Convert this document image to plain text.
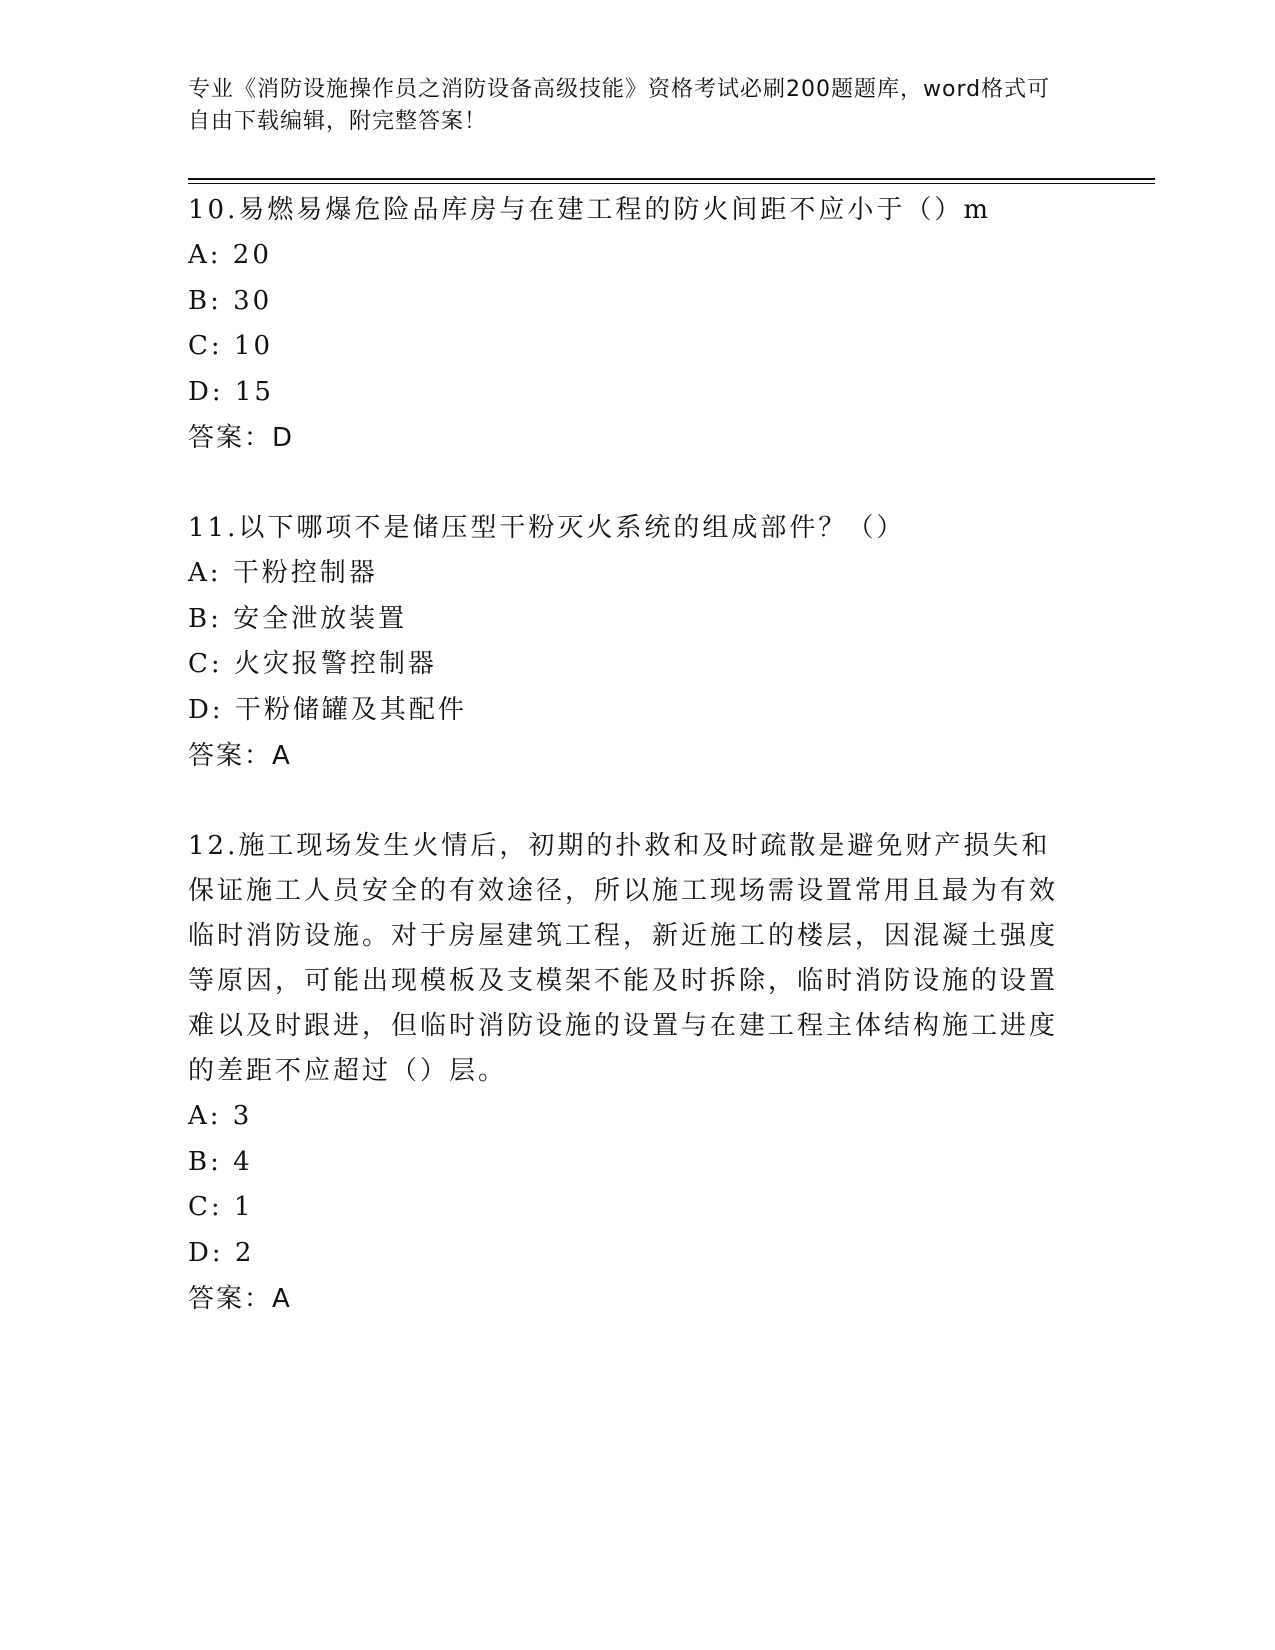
专业《消防设施操作员之消防设备高级技能》资格考试必刷200题题库，word格式可自由下载编辑，附完整答案！

10.易燃易爆危险品库房与在建工程的防火间距不应小于（）m

A: 20

B: 30

C: 10

D: 15

答案：D

11.以下哪项不是储压型干粉灭火系统的组成部件？（）

A: 干粉控制器

B: 安全泄放装置

C: 火灾报警控制器

D: 干粉储罐及其配件

答案：A

12.施工现场发生火情后，初期的扑救和及时疏散是避免财产损失和保证施工人员安全的有效途径，所以施工现场需设置常用且最为有效临时消防设施。对于房屋建筑工程，新近施工的楼层，因混凝土强度等原因，可能出现模板及支模架不能及时拆除，临时消防设施的设置难以及时跟进，但临时消防设施的设置与在建工程主体结构施工进度的差距不应超过（）层。

A: 3

B: 4

C: 1

D: 2

答案：A
